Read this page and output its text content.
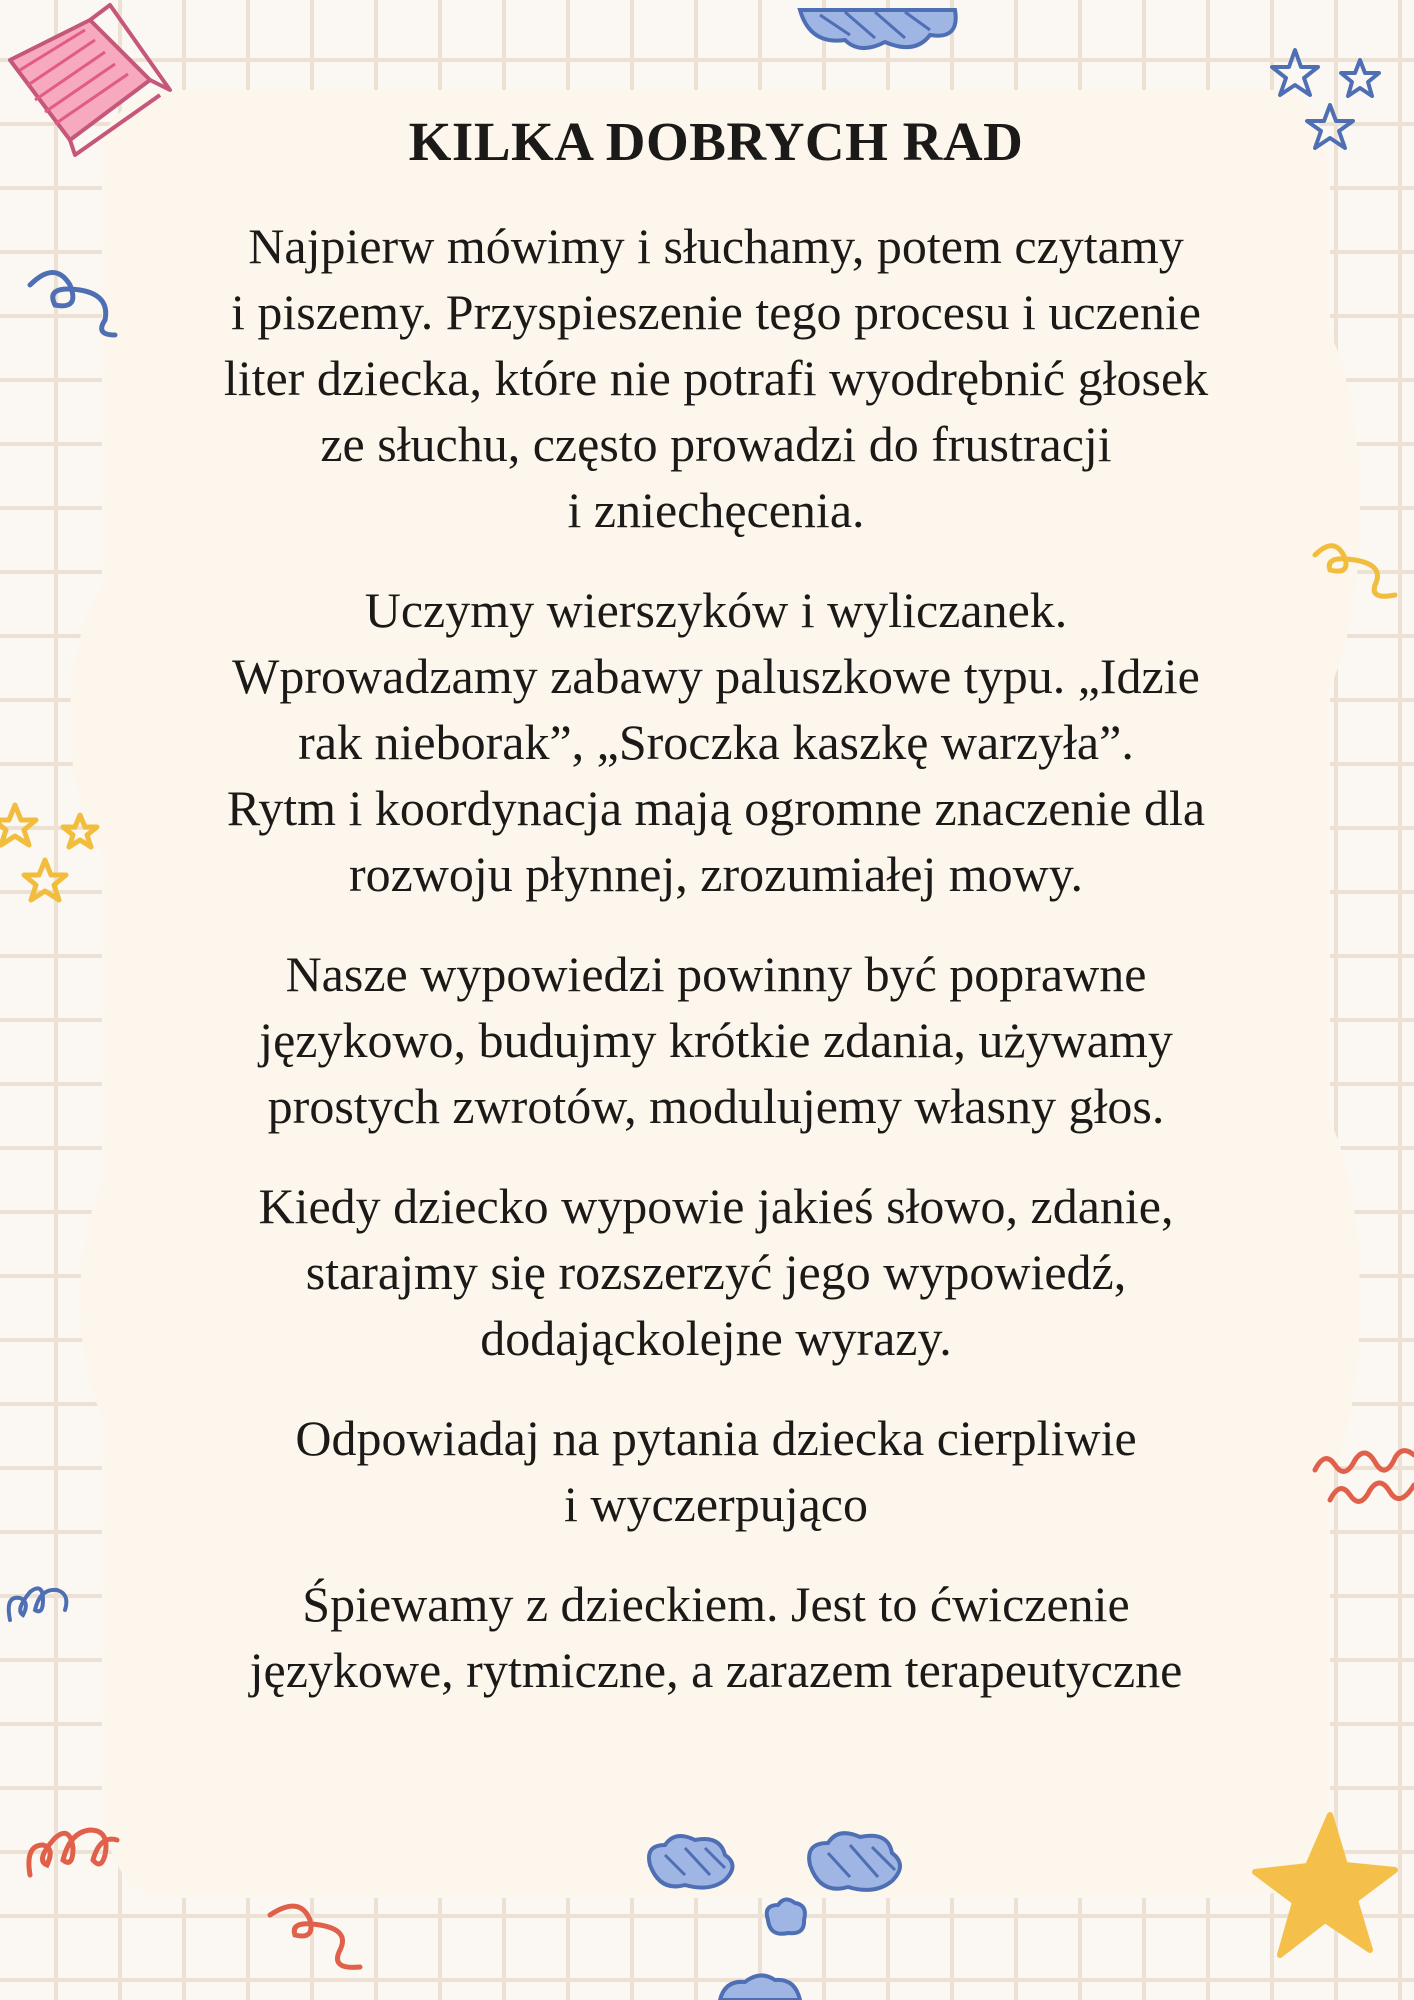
KILKA DOBRYCH RAD

Najpierw mówimy i słuchamy, potem czytamy
i piszemy. Przyspieszenie tego procesu i uczenie
liter dziecka, które nie potrafi wyodrębnić głosek
ze słuchu, często prowadzi do frustracji
i zniechęcenia.

Uczymy wierszyków i wyliczanek.
Wprowadzamy zabawy paluszkowe typu. „Idzie
rak nieborak”, „Sroczka kaszkę warzyła”.
Rytm i koordynacja mają ogromne znaczenie dla
rozwoju płynnej, zrozumiałej mowy.

Nasze wypowiedzi powinny być poprawne
językowo, budujmy krótkie zdania, używamy
prostych zwrotów, modulujemy własny głos.

Kiedy dziecko wypowie jakieś słowo, zdanie,
starajmy się rozszerzyć jego wypowiedź,
dodająckolejne wyrazy.

Odpowiadaj na pytania dziecka cierpliwie
i wyczerpująco

Śpiewamy z dzieckiem. Jest to ćwiczenie
językowe, rytmiczne, a zarazem terapeutyczne
